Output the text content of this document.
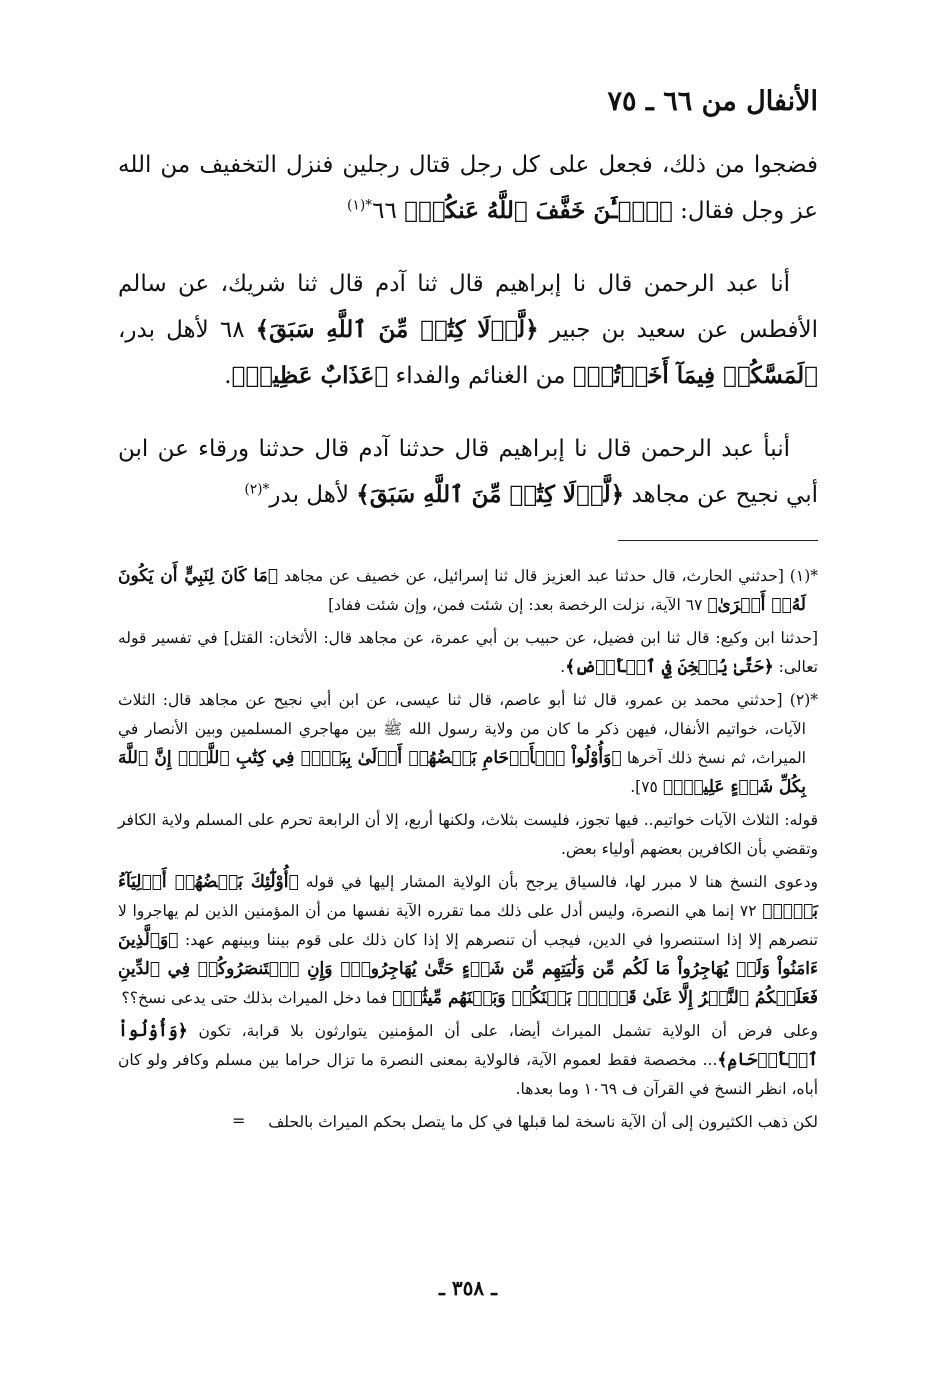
الأنفال من ٦٦ ـ ٧٥

فضجوا من ذلك، فجعل على كل رجل قتال رجلين فنزل التخفيف من الله عز وجل فقال: ﴿ٱلۡـَٰٔنَ خَفَّفَ ٱللَّهُ عَنكُمۡ﴾ ٦٦$^{*(١)}$

أنا عبد الرحمن قال نا إبراهيم قال ثنا آدم قال ثنا شريك، عن سالم الأفطس عن سعيد بن جبير ﴿لَّوۡلَا كِتَٰبٞ مِّنَ ٱللَّهِ سَبَقَ﴾ ٦٨ لأهل بدر، ﴿لَمَسَّكُمۡ فِيمَآ أَخَذۡتُمۡ﴾ من الغنائم والفداء ﴿عَذَابٌ عَظِيمٞ﴾.

أنبأ عبد الرحمن قال نا إبراهيم قال حدثنا آدم قال حدثنا ورقاء عن ابن أبي نجيح عن مجاهد ﴿لَّوۡلَا كِتَٰبٞ مِّنَ ٱللَّهِ سَبَقَ﴾ لأهل بدر$^{*(٢)}$

*(١) [حدثني الحارث، قال حدثنا عبد العزيز قال ثنا إسرائيل، عن خصيف عن مجاهد ﴿مَا كَانَ لِنَبِيٍّ أَن يَكُونَ لَهُۥٓ أَسۡرَىٰ﴾ ٦٧ الآية، نزلت الرخصة بعد: إن شئت فمن، وإن شئت ففاد]

[حدثنا ابن وكيع: قال ثنا ابن فضيل، عن حبيب بن أبي عمرة، عن مجاهد قال: الأثخان: القتل] في تفسير قوله تعالى: ﴿حَتَّىٰ يُثۡخِنَ فِي ٱلۡأَرۡضِ﴾.

*(٢) [حدثني محمد بن عمرو، قال ثنا أبو عاصم، قال ثنا عيسى، عن ابن أبي نجيح عن مجاهد قال: الثلاث الآيات، خواتيم الأنفال، فيهن ذكر ما كان من ولاية رسول الله ﷺ بين مهاجري المسلمين وبين الأنصار في الميراث، ثم نسخ ذلك آخرها ﴿وَأُوْلُواْ ٱلۡأَرۡحَامِ بَعۡضُهُمۡ أَوۡلَىٰ بِبَعۡضٖ فِي كِتَٰبِ ٱللَّهِۚ إِنَّ ٱللَّهَ بِكُلِّ شَيۡءٍ عَلِيمُۢ﴾ ٧٥].

قوله: الثلاث الآيات خواتيم.. فيها تجوز، فليست بثلاث، ولكنها أربع، إلا أن الرابعة تحرم على المسلم ولاية الكافر وتقضي بأن الكافرين بعضهم أولياء بعض.

ودعوى النسخ هنا لا مبرر لها، فالسياق يرجح بأن الولاية المشار إليها في قوله ﴿أُوْلَٰٓئِكَ بَعۡضُهُمۡ أَوۡلِيَآءُ بَعۡضٖ﴾ ٧٢ إنما هي النصرة، وليس أدل على ذلك مما تقرره الآية نفسها من أن المؤمنين الذين لم يهاجروا لا تنصرهم إلا إذا استنصروا في الدين، فيجب أن تنصرهم إلا إذا كان ذلك على قوم بيننا وبينهم عهد: ﴿وَٱلَّذِينَ ءَامَنُواْ وَلَمۡ يُهَاجِرُواْ مَا لَكُم مِّن وَلَٰيَتِهِم مِّن شَيۡءٍ حَتَّىٰ يُهَاجِرُواْۚ وَإِنِ ٱسۡتَنصَرُوكُمۡ فِي ٱلدِّينِ فَعَلَيۡكُمُ ٱلنَّصۡرُ إِلَّا عَلَىٰ قَوۡمِۢ بَيۡنَكُمۡ وَبَيۡنَهُم مِّيثَٰقٞ﴾ فما دخل الميراث بذلك حتى يدعى نسخ؟؟

وعلى فرض أن الولاية تشمل الميراث أيضا، على أن المؤمنين يتوارثون بلا قرابة، تكون ﴿وَأُوْلُواْ ٱلۡأَرۡحَامِ﴾... مخصصة فقط لعموم الآية، فالولاية بمعنى النصرة ما تزال حراما بين مسلم وكافر ولو كان أباه، انظر النسخ في القرآن ف ١٠٦٩ وما بعدها.

لكن ذهب الكثيرون إلى أن الآية ناسخة لما قبلها في كل ما يتصل بحكم الميراث بالحلف
=

ـ ٣٥٨ ـ
